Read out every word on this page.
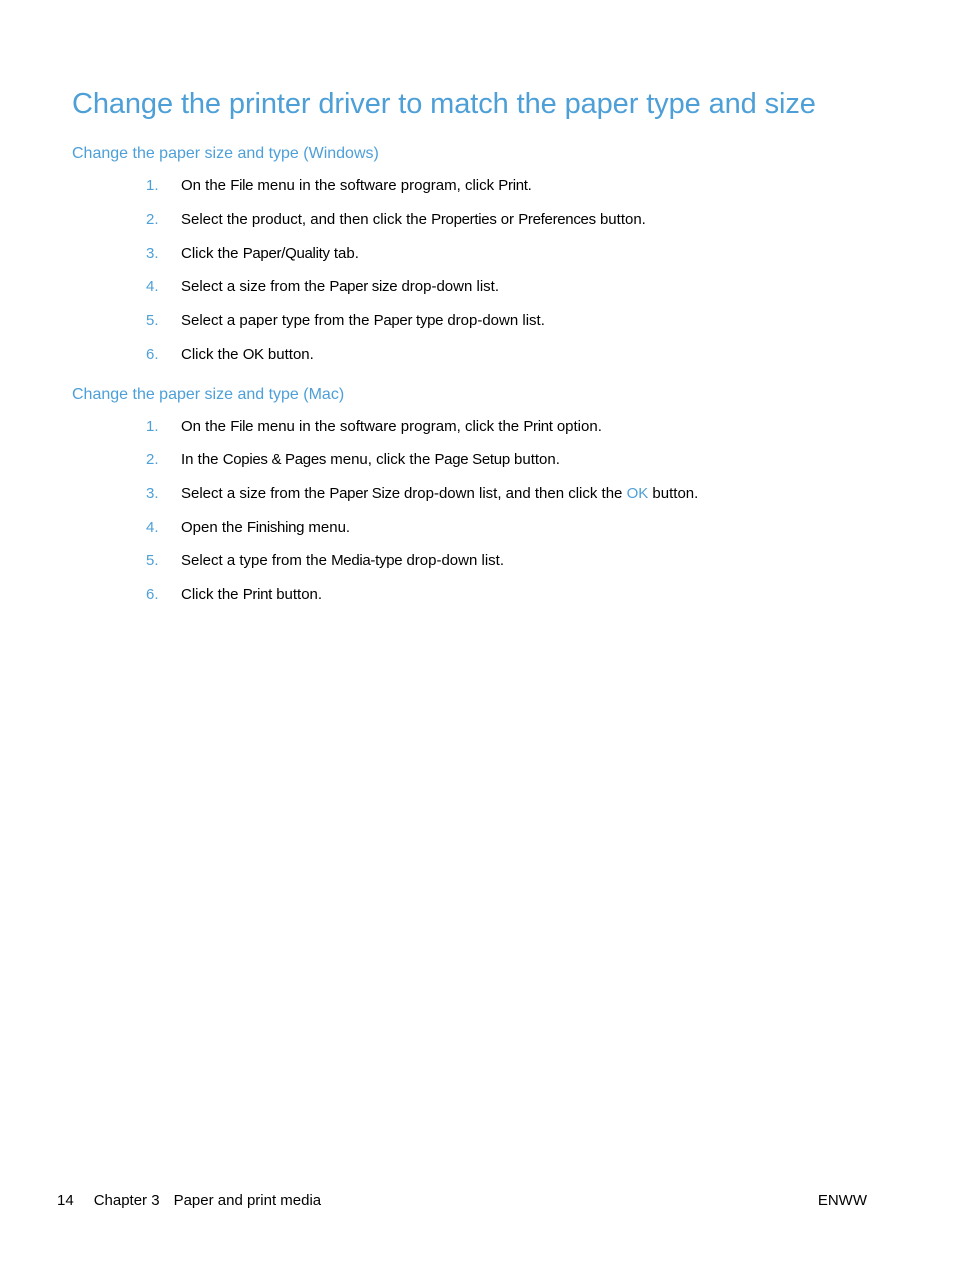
Change the printer driver to match the paper type and size
Change the paper size and type (Windows)
1. On the File menu in the software program, click Print.
2. Select the product, and then click the Properties or Preferences button.
3. Click the Paper/Quality tab.
4. Select a size from the Paper size drop-down list.
5. Select a paper type from the Paper type drop-down list.
6. Click the OK button.
Change the paper size and type (Mac)
1. On the File menu in the software program, click the Print option.
2. In the Copies & Pages menu, click the Page Setup button.
3. Select a size from the Paper Size drop-down list, and then click the OK button.
4. Open the Finishing menu.
5. Select a type from the Media-type drop-down list.
6. Click the Print button.
14 Chapter 3 Paper and print media	ENWW
